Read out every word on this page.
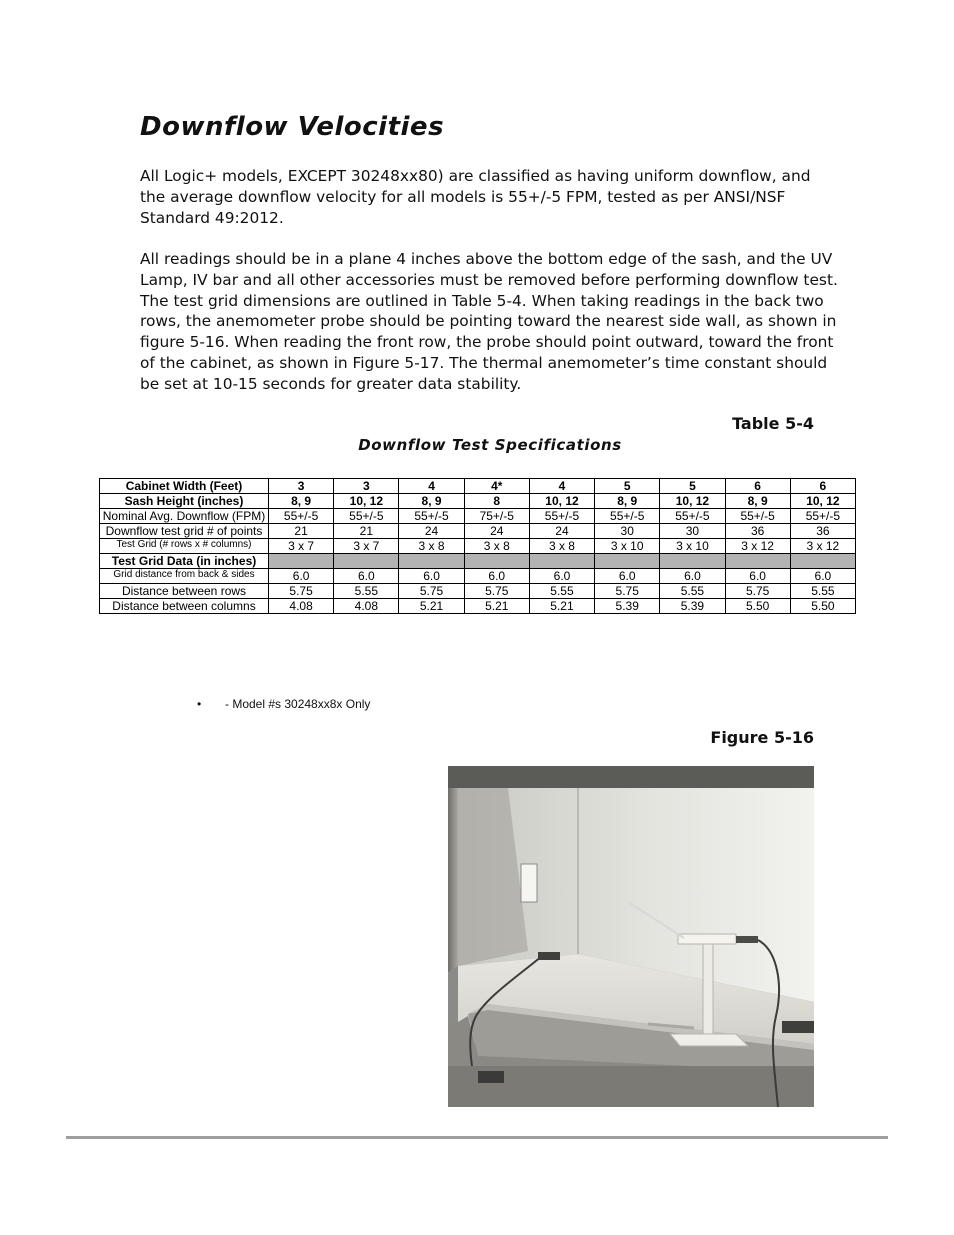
Downflow Velocities
All Logic+ models, EXCEPT 30248xx80) are classified as having uniform downflow, and the average downflow velocity for all models is 55+/-5 FPM, tested as per ANSI/NSF Standard 49:2012.
All readings should be in a plane 4 inches above the bottom edge of the sash, and the UV Lamp, IV bar and all other accessories must be removed before performing downflow test. The test grid dimensions are outlined in Table 5-4. When taking readings in the back two rows, the anemometer probe should be pointing toward the nearest side wall, as shown in figure 5-16. When reading the front row, the probe should point outward, toward the front of the cabinet, as shown in Figure 5-17. The thermal anemometer’s time constant should be set at 10-15 seconds for greater data stability.
Table 5-4
Downflow Test Specifications
Cabinet Width (Feet)	3	3	4	4*	4	5	5	6	6
Sash Height (inches)	8, 9	10, 12	8, 9	8	10, 12	8, 9	10, 12	8, 9	10, 12
Nominal Avg. Downflow (FPM)	55+/-5	55+/-5	55+/-5	75+/-5	55+/-5	55+/-5	55+/-5	55+/-5	55+/-5
Downflow test grid # of points	21	21	24	24	24	30	30	36	36
Test Grid (# rows x # columns)	3 x 7	3 x 7	3 x 8	3 x 8	3 x 8	3 x 10	3 x 10	3 x 12	3 x 12
Test Grid Data (in inches)									
Grid distance from back & sides	6.0	6.0	6.0	6.0	6.0	6.0	6.0	6.0	6.0
Distance between rows	5.75	5.55	5.75	5.75	5.55	5.75	5.55	5.75	5.55
Distance between columns	4.08	4.08	5.21	5.21	5.21	5.39	5.39	5.50	5.50
• - Model #s 30248xx8x Only
Figure 5-16
